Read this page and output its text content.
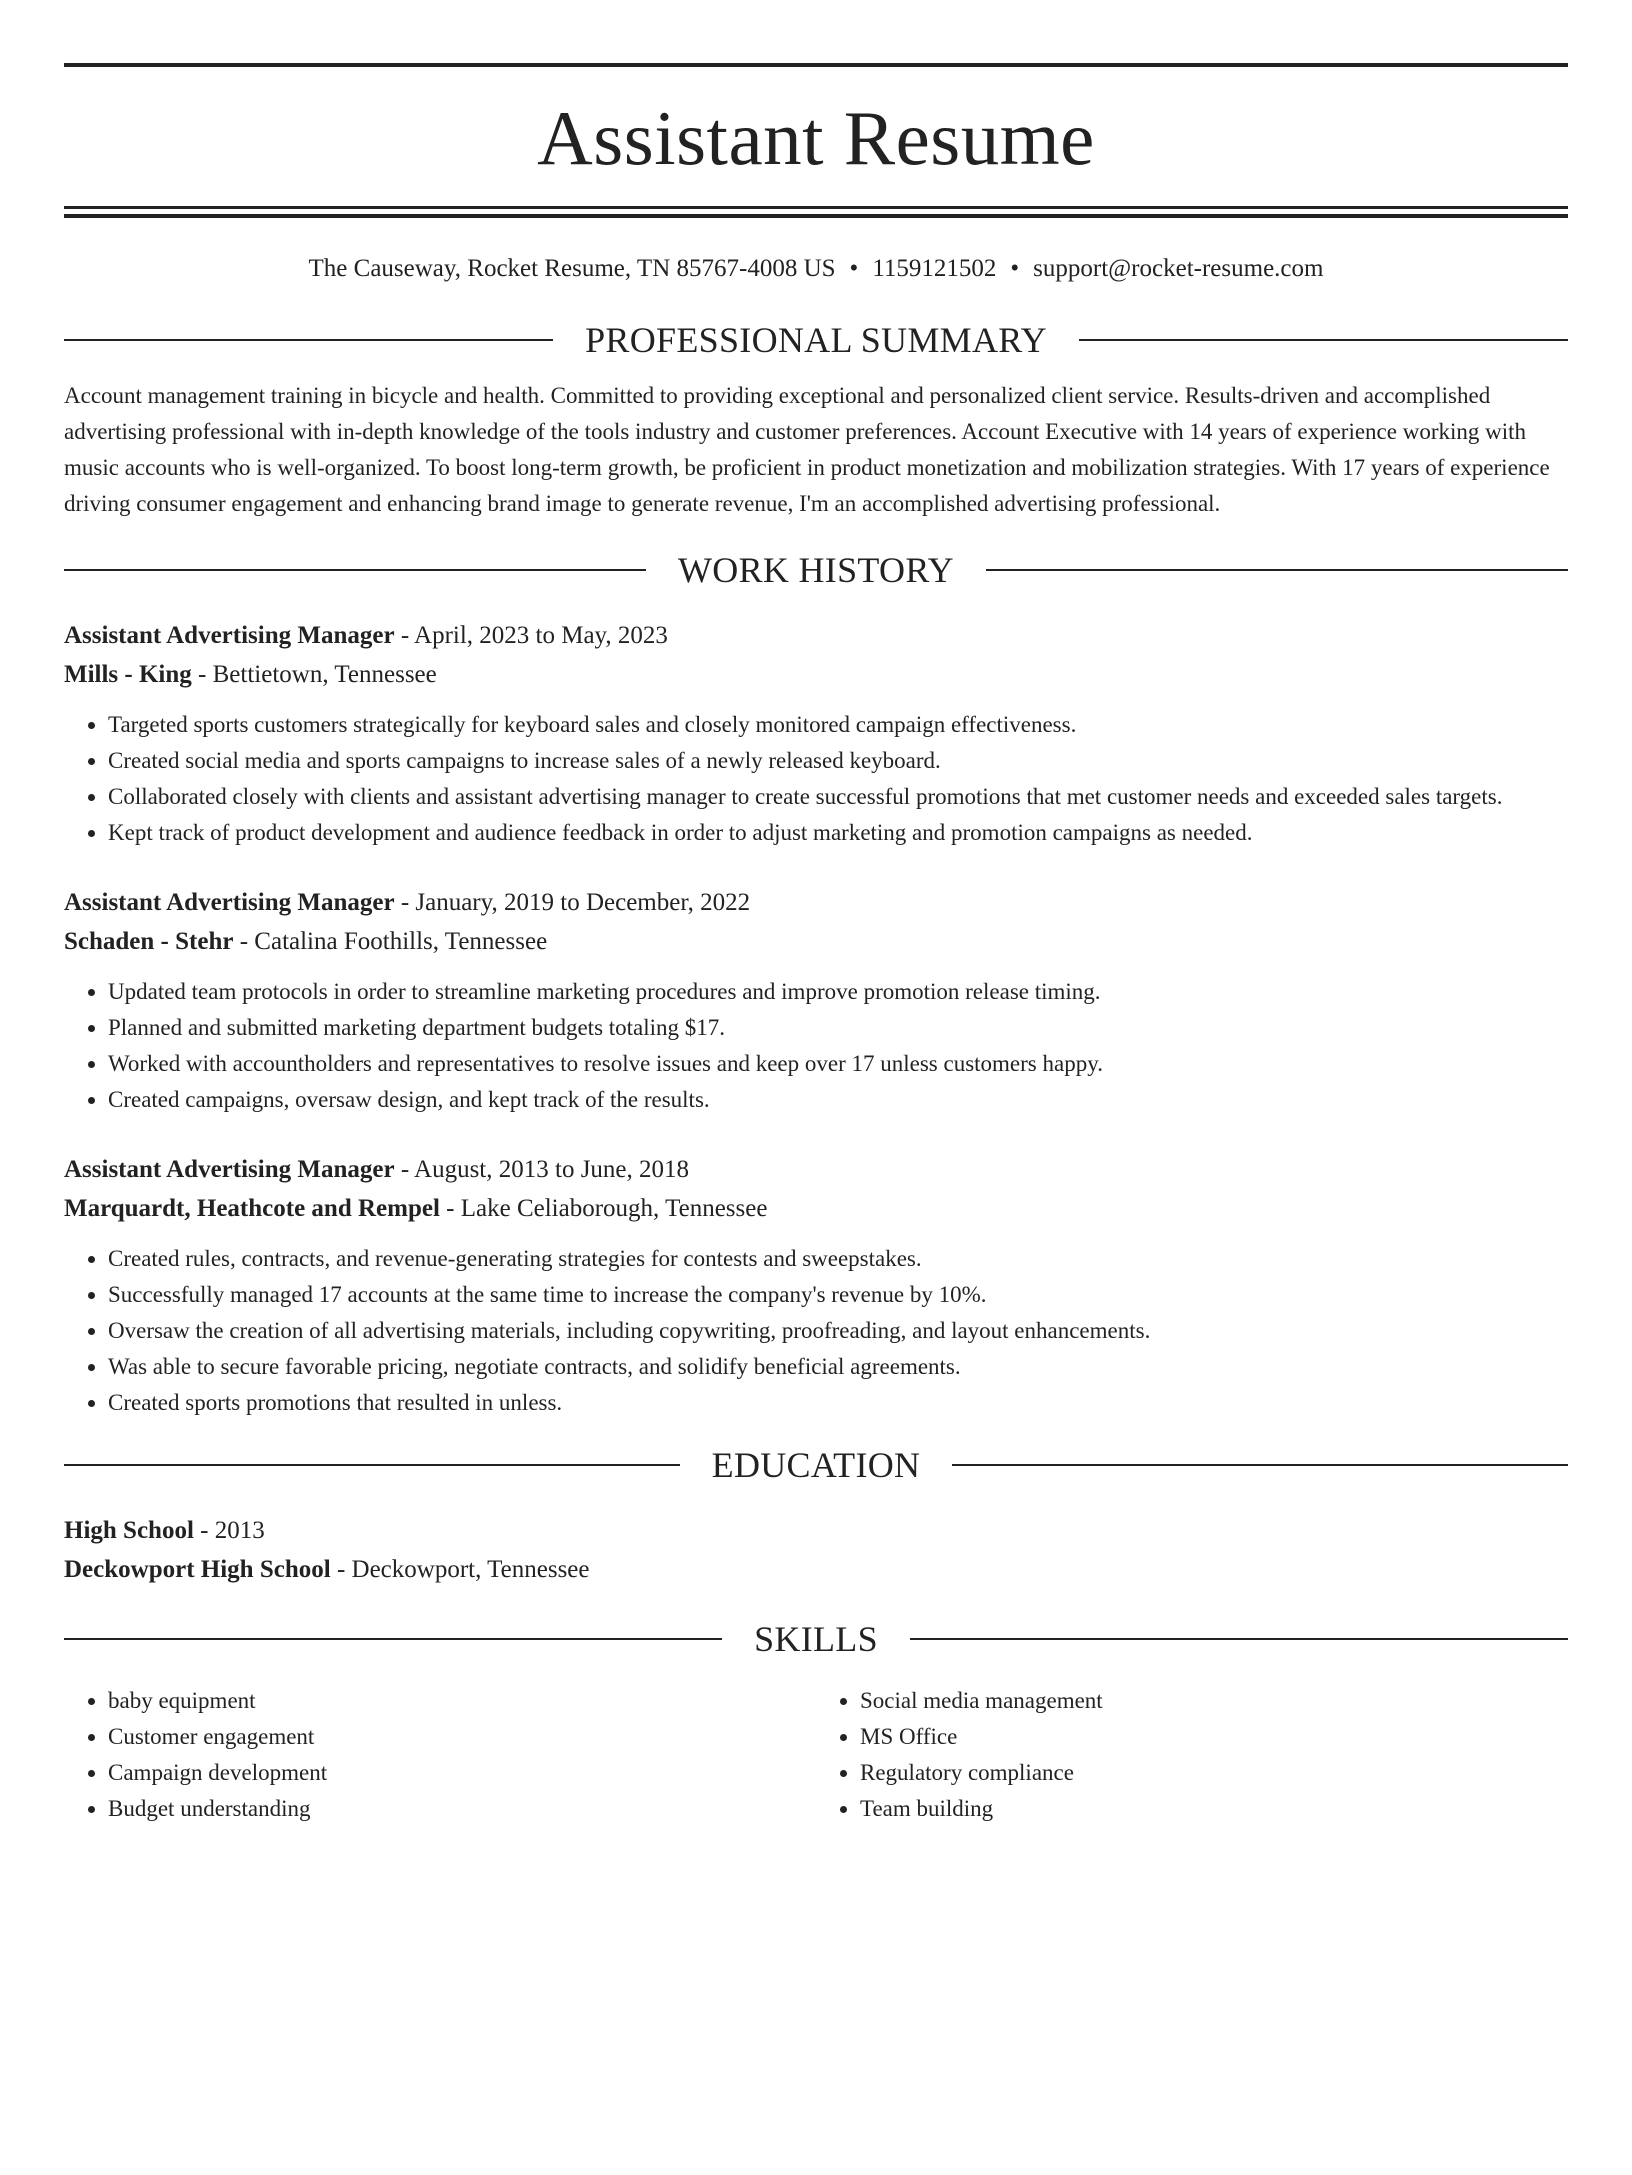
Assistant Resume
The Causeway, Rocket Resume, TN 85767-4008 US • 1159121502 • support@rocket-resume.com
PROFESSIONAL SUMMARY
Account management training in bicycle and health. Committed to providing exceptional and personalized client service. Results-driven and accomplished advertising professional with in-depth knowledge of the tools industry and customer preferences. Account Executive with 14 years of experience working with music accounts who is well-organized. To boost long-term growth, be proficient in product monetization and mobilization strategies. With 17 years of experience driving consumer engagement and enhancing brand image to generate revenue, I'm an accomplished advertising professional.
WORK HISTORY
Assistant Advertising Manager - April, 2023 to May, 2023
Mills - King - Bettietown, Tennessee
• Targeted sports customers strategically for keyboard sales and closely monitored campaign effectiveness.
• Created social media and sports campaigns to increase sales of a newly released keyboard.
• Collaborated closely with clients and assistant advertising manager to create successful promotions that met customer needs and exceeded sales targets.
• Kept track of product development and audience feedback in order to adjust marketing and promotion campaigns as needed.
Assistant Advertising Manager - January, 2019 to December, 2022
Schaden - Stehr - Catalina Foothills, Tennessee
• Updated team protocols in order to streamline marketing procedures and improve promotion release timing.
• Planned and submitted marketing department budgets totaling $17.
• Worked with accountholders and representatives to resolve issues and keep over 17 unless customers happy.
• Created campaigns, oversaw design, and kept track of the results.
Assistant Advertising Manager - August, 2013 to June, 2018
Marquardt, Heathcote and Rempel - Lake Celiaborough, Tennessee
• Created rules, contracts, and revenue-generating strategies for contests and sweepstakes.
• Successfully managed 17 accounts at the same time to increase the company's revenue by 10%.
• Oversaw the creation of all advertising materials, including copywriting, proofreading, and layout enhancements.
• Was able to secure favorable pricing, negotiate contracts, and solidify beneficial agreements.
• Created sports promotions that resulted in unless.
EDUCATION
High School - 2013
Deckowport High School - Deckowport, Tennessee
SKILLS
• baby equipment
• Customer engagement
• Campaign development
• Budget understanding
• Social media management
• MS Office
• Regulatory compliance
• Team building
